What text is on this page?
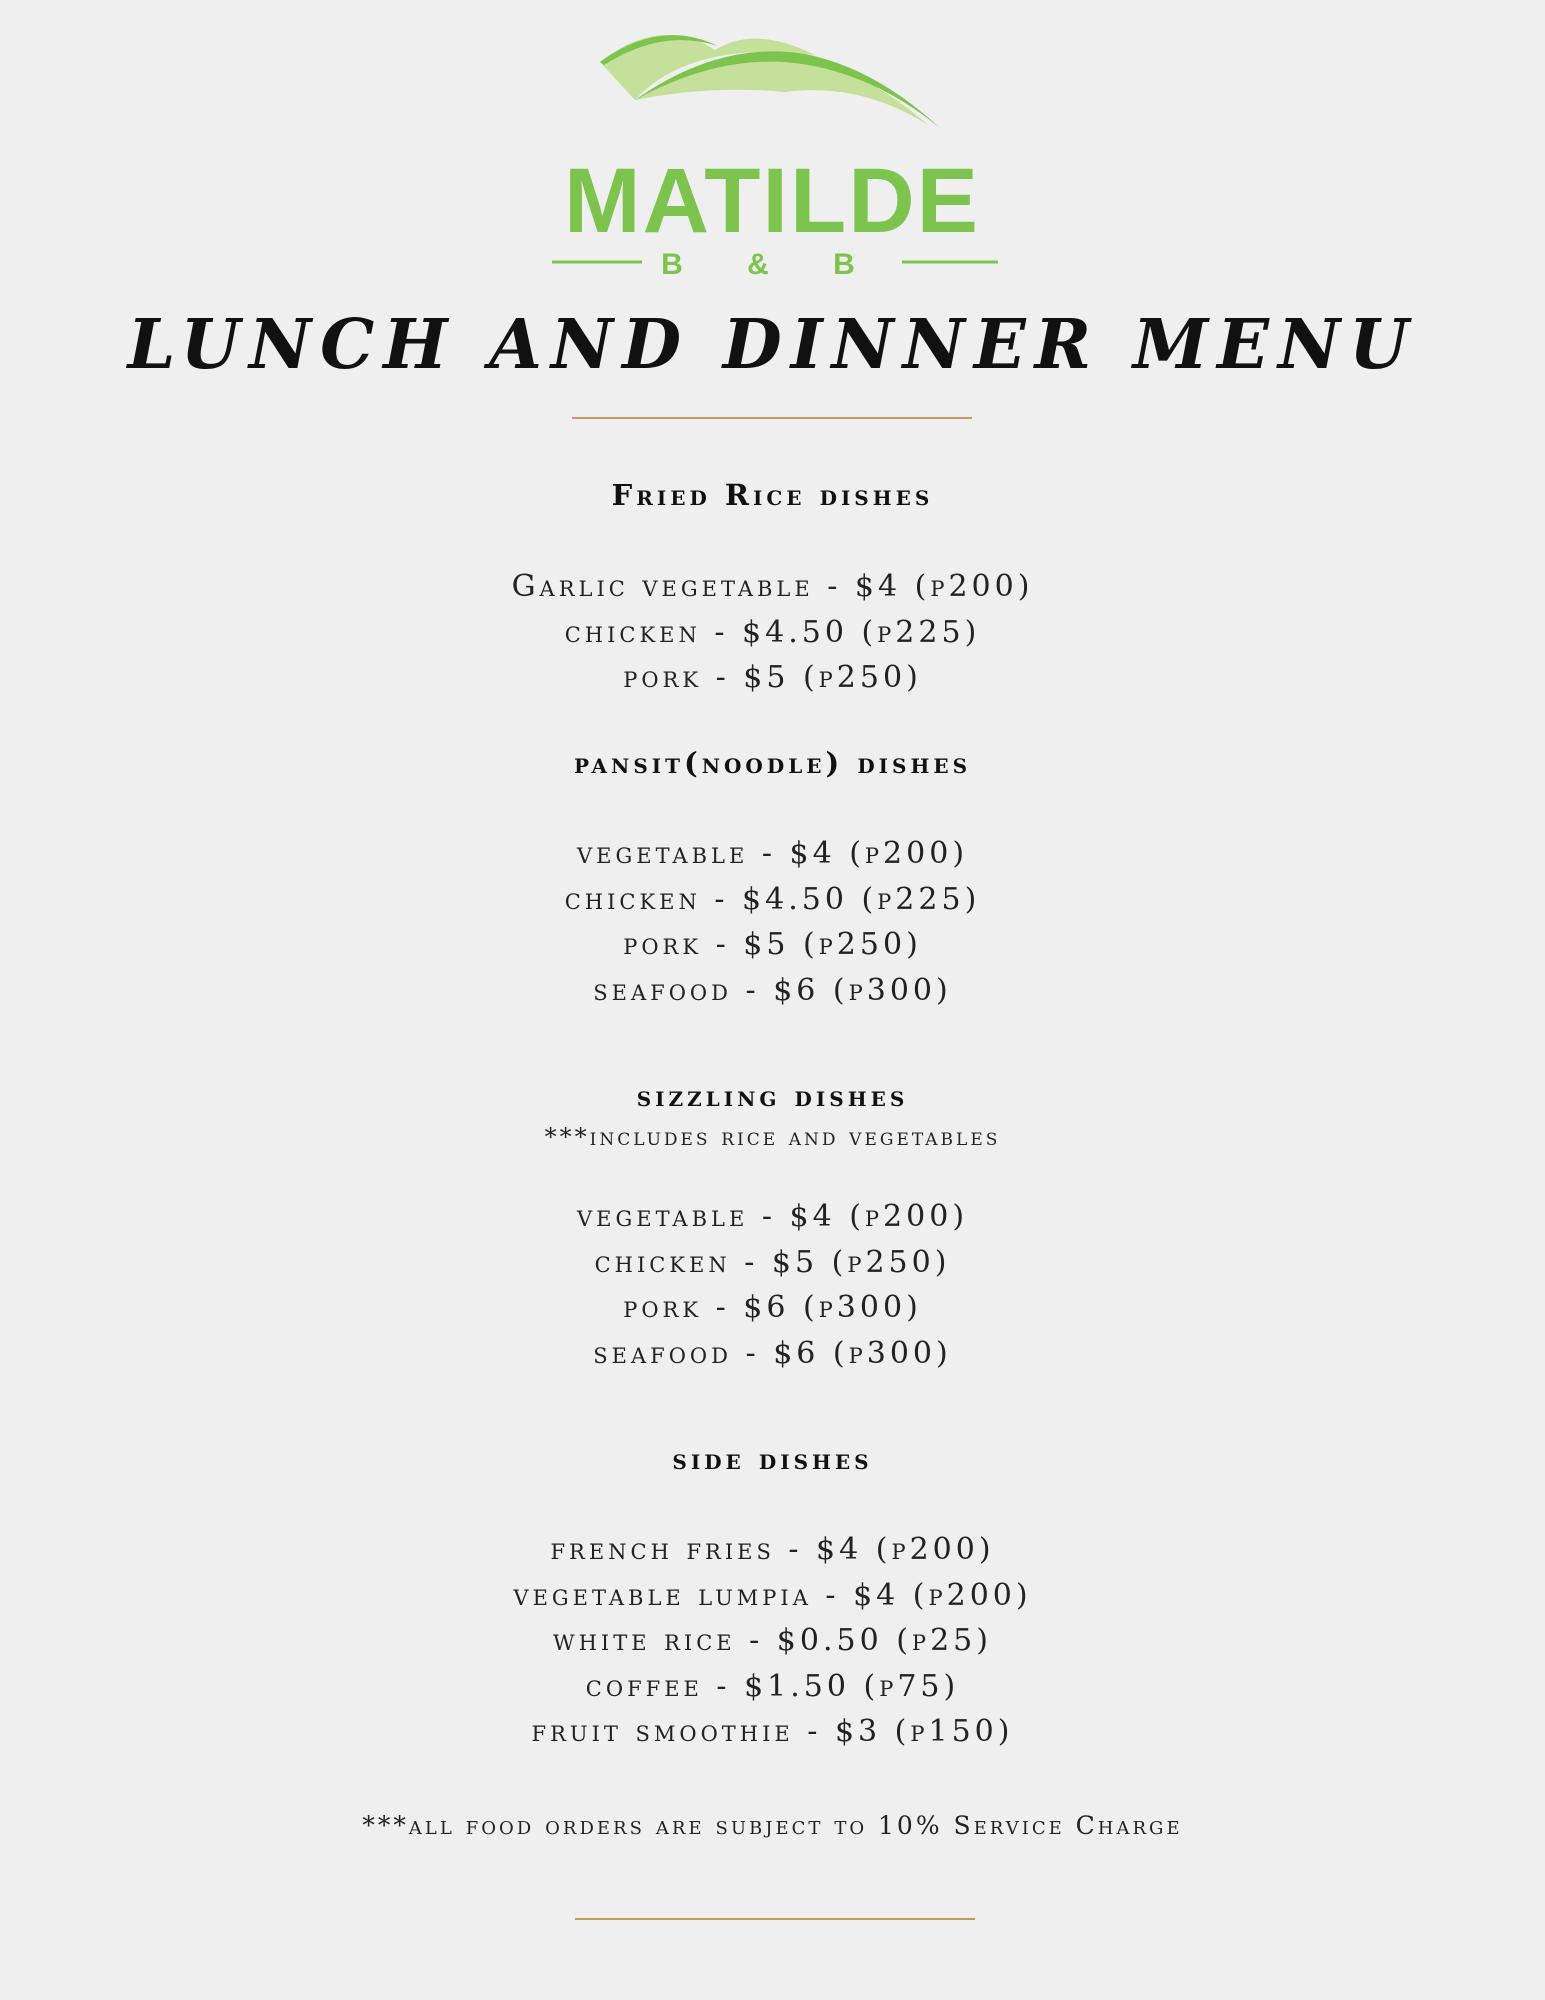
MATILDE
B & B
LUNCH AND DINNER MENU
Fried Rice dishes
Garlic vegetable - $4 (p200)
chicken - $4.50 (p225)
pork - $5 (p250)
pansit(noodle) dishes
vegetable - $4 (p200)
chicken - $4.50 (p225)
pork - $5 (p250)
seafood - $6 (p300)
sizzling dishes
***includes rice and vegetables
vegetable - $4 (p200)
chicken - $5 (p250)
pork - $6 (p300)
seafood - $6 (p300)
side dishes
french fries - $4 (p200)
vegetable lumpia - $4 (p200)
white rice - $0.50 (p25)
coffee - $1.50 (p75)
fruit smoothie - $3 (p150)
***all food orders are subject to 10% Service Charge
